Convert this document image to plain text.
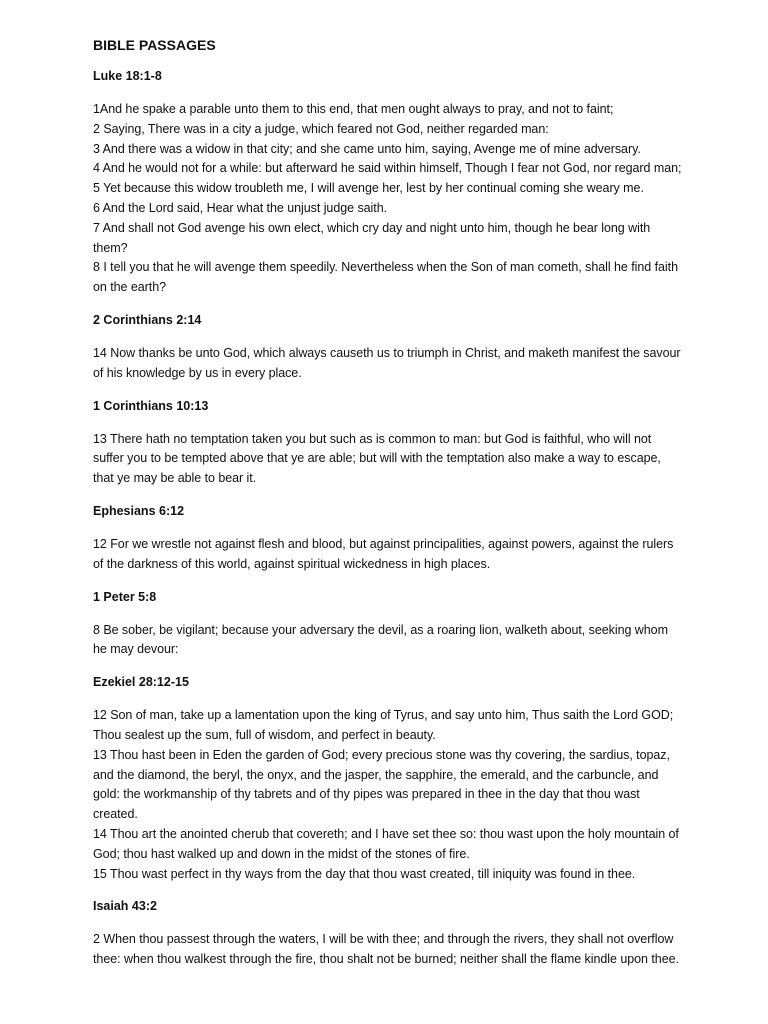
BIBLE PASSAGES
Luke 18:1-8

1And he spake a parable unto them to this end, that men ought always to pray, and not to faint;

2 Saying, There was in a city a judge, which feared not God, neither regarded man:

3 And there was a widow in that city; and she came unto him, saying, Avenge me of mine adversary.

4 And he would not for a while: but afterward he said within himself, Though I fear not God, nor regard man;

5 Yet because this widow troubleth me, I will avenge her, lest by her continual coming she weary me.

6 And the Lord said, Hear what the unjust judge saith.

7 And shall not God avenge his own elect, which cry day and night unto him, though he bear long with them?

8 I tell you that he will avenge them speedily. Nevertheless when the Son of man cometh, shall he find faith on the earth?

2 Corinthians 2:14

14 Now thanks be unto God, which always causeth us to triumph in Christ, and maketh manifest the savour of his knowledge by us in every place.

1 Corinthians 10:13

13 There hath no temptation taken you but such as is common to man: but God is faithful, who will not suffer you to be tempted above that ye are able; but will with the temptation also make a way to escape, that ye may be able to bear it.

Ephesians 6:12

12 For we wrestle not against flesh and blood, but against principalities, against powers, against the rulers of the darkness of this world, against spiritual wickedness in high places.

1 Peter 5:8

8 Be sober, be vigilant; because your adversary the devil, as a roaring lion, walketh about, seeking whom he may devour:

Ezekiel 28:12-15

12 Son of man, take up a lamentation upon the king of Tyrus, and say unto him, Thus saith the Lord GOD; Thou sealest up the sum, full of wisdom, and perfect in beauty.

13 Thou hast been in Eden the garden of God; every precious stone was thy covering, the sardius, topaz, and the diamond, the beryl, the onyx, and the jasper, the sapphire, the emerald, and the carbuncle, and gold: the workmanship of thy tabrets and of thy pipes was prepared in thee in the day that thou wast created.

14 Thou art the anointed cherub that covereth; and I have set thee so: thou wast upon the holy mountain of God; thou hast walked up and down in the midst of the stones of fire.

15 Thou wast perfect in thy ways from the day that thou wast created, till iniquity was found in thee.

Isaiah 43:2

2 When thou passest through the waters, I will be with thee; and through the rivers, they shall not overflow thee: when thou walkest through the fire, thou shalt not be burned; neither shall the flame kindle upon thee.
